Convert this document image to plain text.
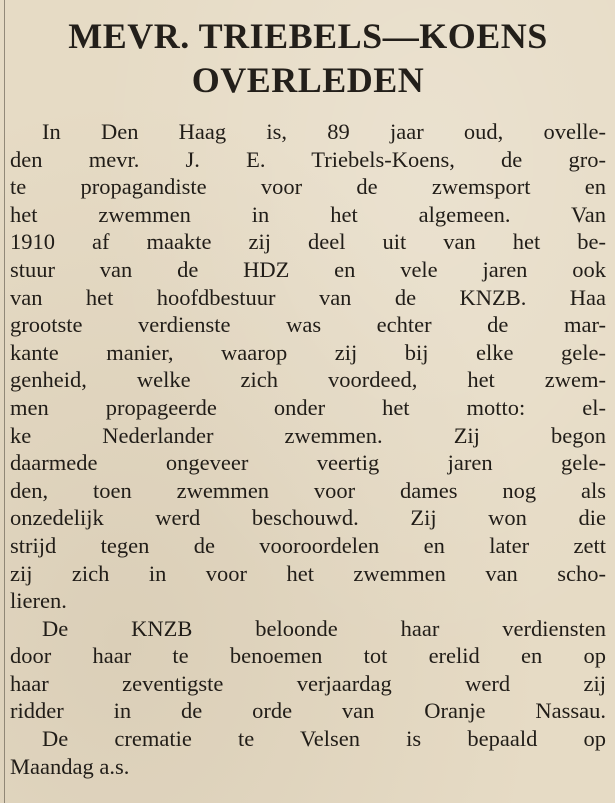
MEVR. TRIEBELS—KOENS
OVERLEDEN

In Den Haag is, 89 jaar oud, ovelle-
den mevr. J. E. Triebels-Koens, de gro-
te propagandiste voor de zwemsport en
het zwemmen in het algemeen. Van
1910 af maakte zij deel uit van het be-
stuur van de HDZ en vele jaren ook
van het hoofdbestuur van de KNZB. Haa
grootste verdienste was echter de mar-
kante manier, waarop zij bij elke gele-
genheid, welke zich voordeed, het zwem-
men propageerde onder het motto: el-
ke Nederlander zwemmen. Zij begon
daarmede ongeveer veertig jaren gele-
den, toen zwemmen voor dames nog als
onzedelijk werd beschouwd. Zij won die
strijd tegen de vooroordelen en later zett
zij zich in voor het zwemmen van scho-
lieren.

De KNZB beloonde haar verdiensten
door haar te benoemen tot erelid en op
haar zeventigste verjaardag werd zij
ridder in de orde van Oranje Nassau.

De crematie te Velsen is bepaald op
Maandag a.s.
